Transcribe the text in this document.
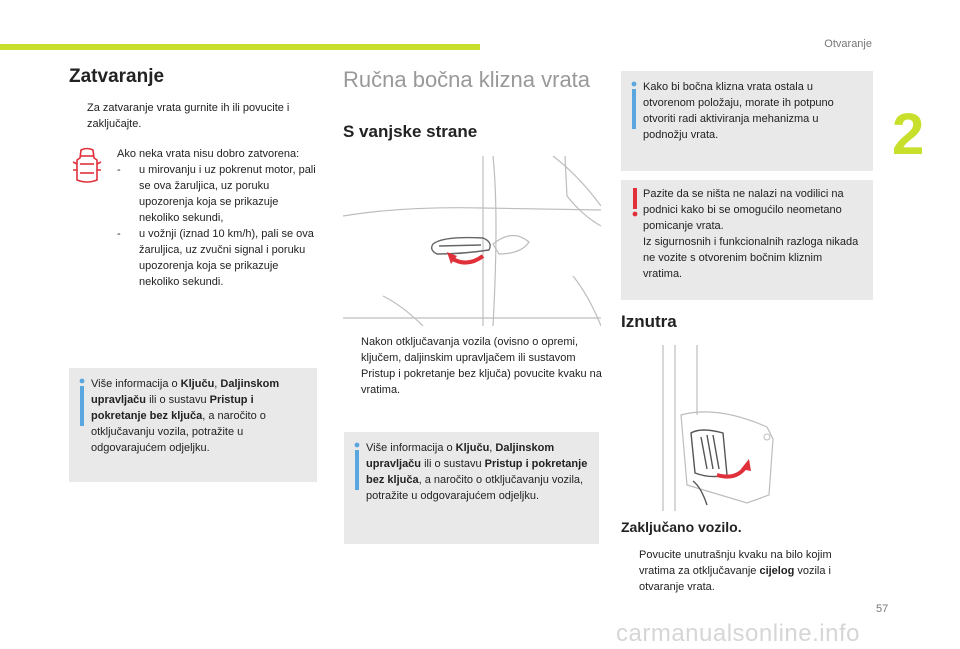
Otvaranje
2
57
carmanualsonline.info
Zatvaranje
Za zatvaranje vrata gurnite ih ili povucite i zaključajte.
Ako neka vrata nisu dobro zatvorena:
- u mirovanju i uz pokrenut motor, pali se ova žaruljica, uz poruku upozorenja koja se prikazuje nekoliko sekundi,
- u vožnji (iznad 10 km/h), pali se ova žaruljica, uz zvučni signal i poruku upozorenja koja se prikazuje nekoliko sekundi.
Više informacija o Ključu, Daljinskom upravljaču ili o sustavu Pristup i pokretanje bez ključa, a naročito o otključavanju vozila, potražite u odgovarajućem odjeljku.
Ručna bočna klizna vrata
S vanjske strane
Nakon otključavanja vozila (ovisno o opremi, ključem, daljinskim upravljačem ili sustavom Pristup i pokretanje bez ključa) povucite kvaku na vratima.
Više informacija o Ključu, Daljinskom upravljaču ili o sustavu Pristup i pokretanje bez ključa, a naročito o otključavanju vozila, potražite u odgovarajućem odjeljku.
Kako bi bočna klizna vrata ostala u otvorenom položaju, morate ih potpuno otvoriti radi aktiviranja mehanizma u podnožju vrata.
Pazite da se ništa ne nalazi na vodilici na podnici kako bi se omogućilo neometano pomicanje vrata.
Iz sigurnosnih i funkcionalnih razloga nikada ne vozite s otvorenim bočnim kliznim vratima.
Iznutra
Zaključano vozilo.
Povucite unutrašnju kvaku na bilo kojim vratima za otključavanje cijelog vozila i otvaranje vrata.
